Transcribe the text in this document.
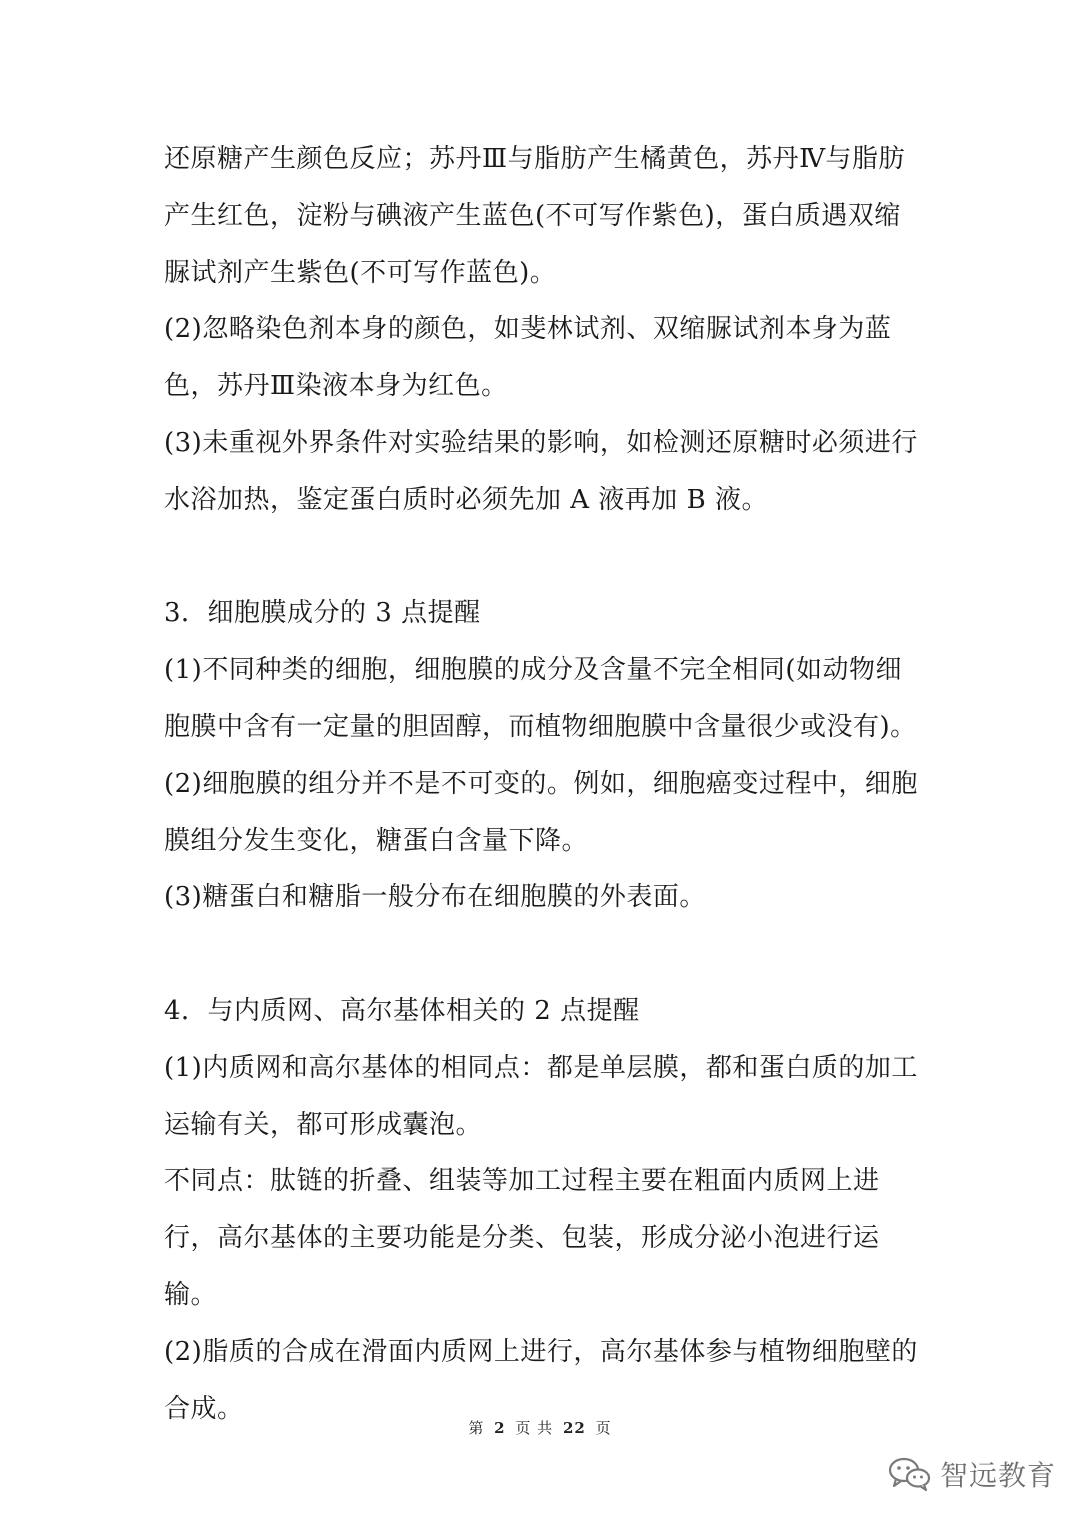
还原糖产生颜色反应；苏丹Ⅲ与脂肪产生橘黄色，苏丹Ⅳ与脂肪产生红色，淀粉与碘液产生蓝色(不可写作紫色)，蛋白质遇双缩脲试剂产生紫色(不可写作蓝色)。

(2)忽略染色剂本身的颜色，如斐林试剂、双缩脲试剂本身为蓝色，苏丹Ⅲ染液本身为红色。

(3)未重视外界条件对实验结果的影响，如检测还原糖时必须进行水浴加热，鉴定蛋白质时必须先加 A 液再加 B 液。

3．细胞膜成分的 3 点提醒

(1)不同种类的细胞，细胞膜的成分及含量不完全相同(如动物细胞膜中含有一定量的胆固醇，而植物细胞膜中含量很少或没有)。

(2)细胞膜的组分并不是不可变的。例如，细胞癌变过程中，细胞膜组分发生变化，糖蛋白含量下降。

(3)糖蛋白和糖脂一般分布在细胞膜的外表面。

4．与内质网、高尔基体相关的 2 点提醒

(1)内质网和高尔基体的相同点：都是单层膜，都和蛋白质的加工运输有关，都可形成囊泡。

不同点：肽链的折叠、组装等加工过程主要在粗面内质网上进行，高尔基体的主要功能是分类、包装，形成分泌小泡进行运输。

(2)脂质的合成在滑面内质网上进行，高尔基体参与植物细胞壁的合成。

第 2 页 共 22 页
智远教育
